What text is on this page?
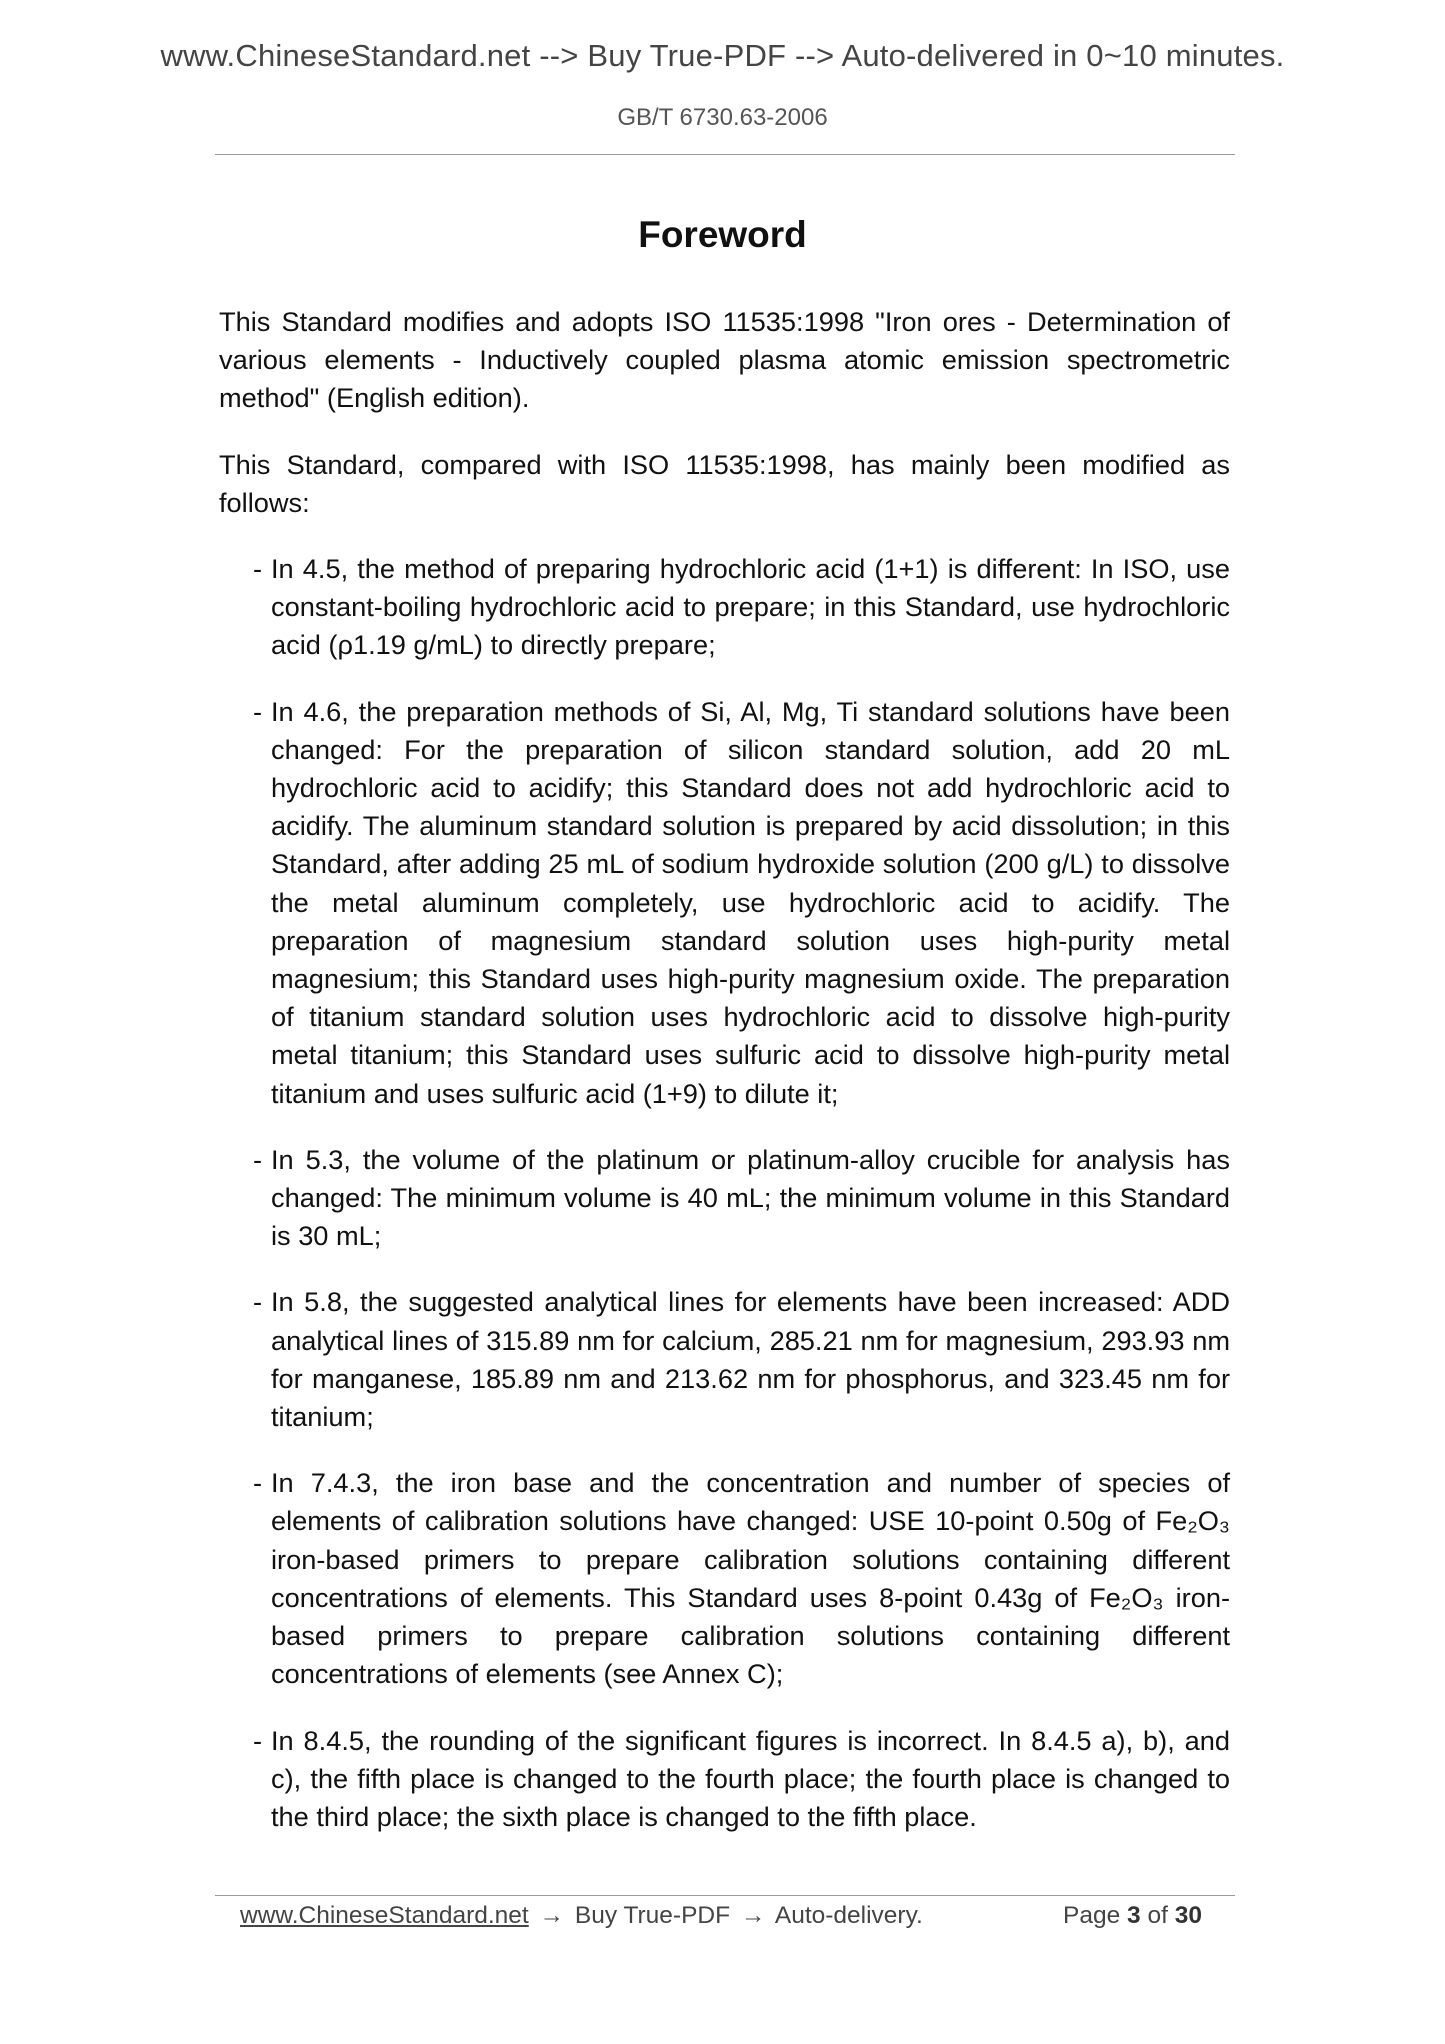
www.ChineseStandard.net --> Buy True-PDF --> Auto-delivered in 0~10 minutes.
GB/T 6730.63-2006
Foreword

This Standard modifies and adopts ISO 11535:1998 "Iron ores - Determination of various elements - Inductively coupled plasma atomic emission spectrometric method" (English edition).

This Standard, compared with ISO 11535:1998, has mainly been modified as follows:

- In 4.5, the method of preparing hydrochloric acid (1+1) is different: In ISO, use constant-boiling hydrochloric acid to prepare; in this Standard, use hydrochloric acid (ρ1.19 g/mL) to directly prepare;
- In 4.6, the preparation methods of Si, Al, Mg, Ti standard solutions have been changed: For the preparation of silicon standard solution, add 20 mL hydrochloric acid to acidify; this Standard does not add hydrochloric acid to acidify. The aluminum standard solution is prepared by acid dissolution; in this Standard, after adding 25 mL of sodium hydroxide solution (200 g/L) to dissolve the metal aluminum completely, use hydrochloric acid to acidify. The preparation of magnesium standard solution uses high-purity metal magnesium; this Standard uses high-purity magnesium oxide. The preparation of titanium standard solution uses hydrochloric acid to dissolve high-purity metal titanium; this Standard uses sulfuric acid to dissolve high-purity metal titanium and uses sulfuric acid (1+9) to dilute it;
- In 5.3, the volume of the platinum or platinum-alloy crucible for analysis has changed: The minimum volume is 40 mL; the minimum volume in this Standard is 30 mL;
- In 5.8, the suggested analytical lines for elements have been increased: ADD analytical lines of 315.89 nm for calcium, 285.21 nm for magnesium, 293.93 nm for manganese, 185.89 nm and 213.62 nm for phosphorus, and 323.45 nm for titanium;
- In 7.4.3, the iron base and the concentration and number of species of elements of calibration solutions have changed: USE 10-point 0.50g of Fe₂O₃ iron-based primers to prepare calibration solutions containing different concentrations of elements. This Standard uses 8-point 0.43g of Fe₂O₃ iron-based primers to prepare calibration solutions containing different concentrations of elements (see Annex C);
- In 8.4.5, the rounding of the significant figures is incorrect. In 8.4.5 a), b), and c), the fifth place is changed to the fourth place; the fourth place is changed to the third place; the sixth place is changed to the fifth place.
www.ChineseStandard.net → Buy True-PDF → Auto-delivery.	Page 3 of 30
